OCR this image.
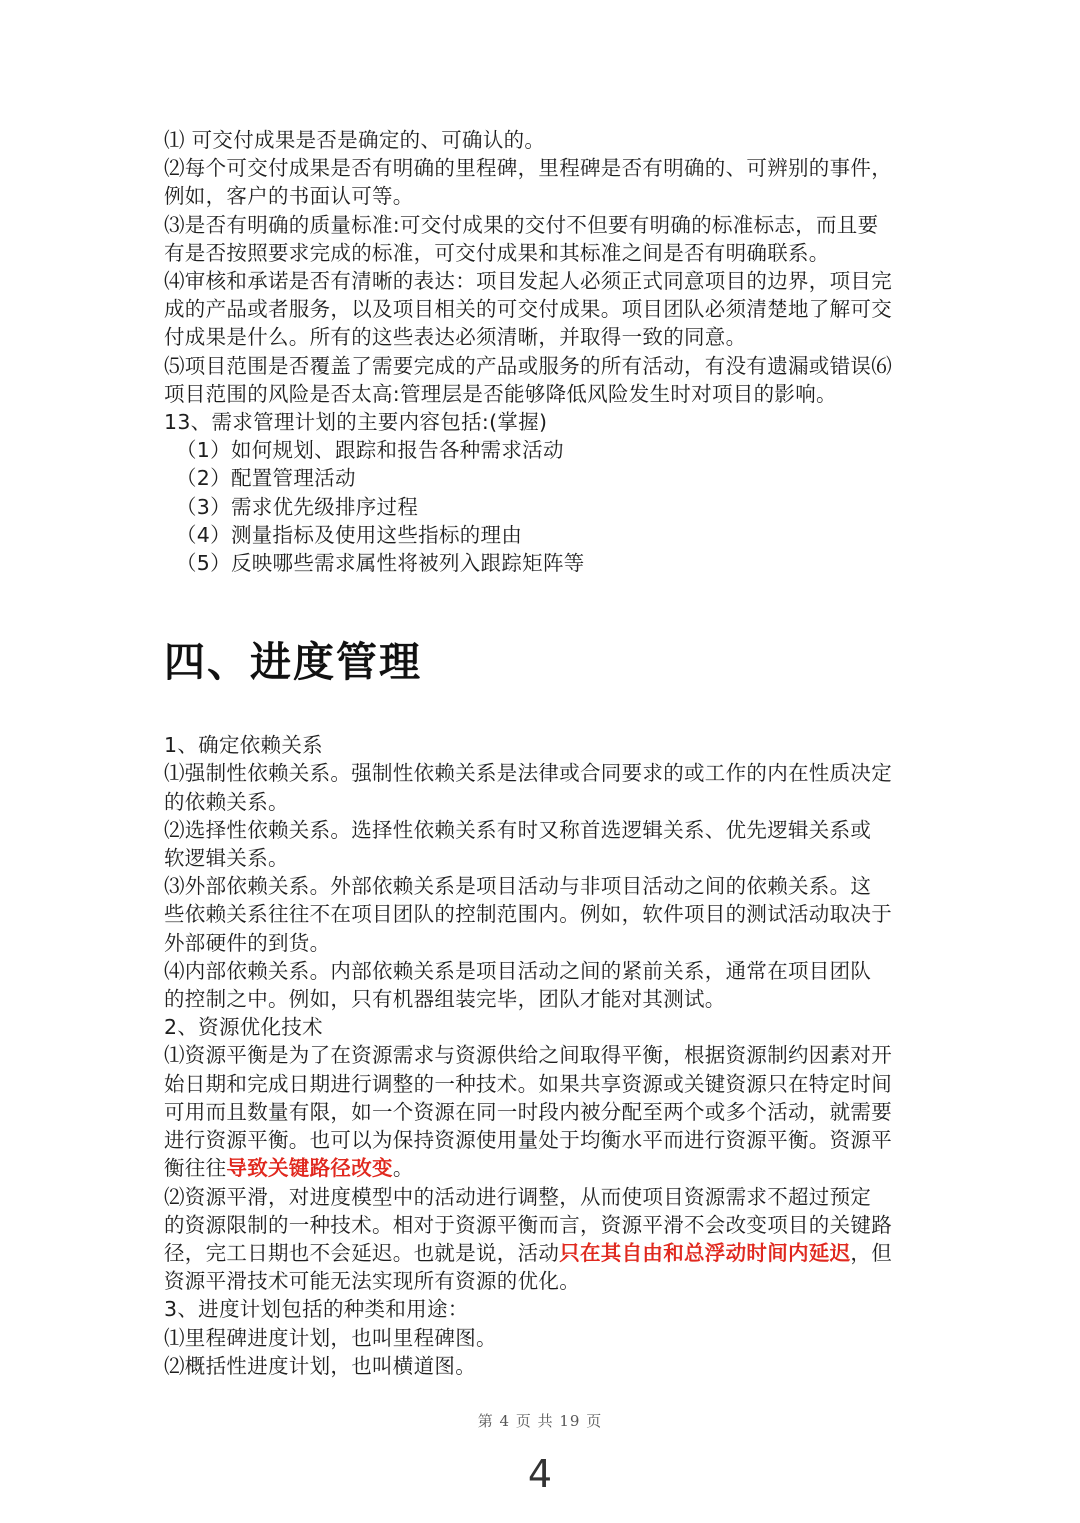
⑴ 可交付成果是否是确定的、可确认的。
⑵每个可交付成果是否有明确的里程碑，里程碑是否有明确的、可辨别的事件，
例如，客户的书面认可等。
⑶是否有明确的质量标准:可交付成果的交付不但要有明确的标准标志，而且要
有是否按照要求完成的标准，可交付成果和其标准之间是否有明确联系。
⑷审核和承诺是否有清晰的表达：项目发起人必须正式同意项目的边界，项目完
成的产品或者服务，以及项目相关的可交付成果。项目团队必须清楚地了解可交
付成果是什么。所有的这些表达必须清晰，并取得一致的同意。
⑸项目范围是否覆盖了需要完成的产品或服务的所有活动，有没有遗漏或错误⑹
项目范围的风险是否太高:管理层是否能够降低风险发生时对项目的影响。
13、需求管理计划的主要内容包括:(掌握)
（1）如何规划、跟踪和报告各种需求活动
（2）配置管理活动
（3）需求优先级排序过程
（4）测量指标及使用这些指标的理由
（5）反映哪些需求属性将被列入跟踪矩阵等
四、进度管理
1、确定依赖关系
⑴强制性依赖关系。强制性依赖关系是法律或合同要求的或工作的内在性质决定
的依赖关系。
⑵选择性依赖关系。选择性依赖关系有时又称首选逻辑关系、优先逻辑关系或
软逻辑关系。
⑶外部依赖关系。外部依赖关系是项目活动与非项目活动之间的依赖关系。这
些依赖关系往往不在项目团队的控制范围内。例如，软件项目的测试活动取决于
外部硬件的到货。
⑷内部依赖关系。内部依赖关系是项目活动之间的紧前关系，通常在项目团队
的控制之中。例如，只有机器组装完毕，团队才能对其测试。
2、资源优化技术
⑴资源平衡是为了在资源需求与资源供给之间取得平衡，根据资源制约因素对开
始日期和完成日期进行调整的一种技术。如果共享资源或关键资源只在特定时间
可用而且数量有限，如一个资源在同一时段内被分配至两个或多个活动，就需要
进行资源平衡。也可以为保持资源使用量处于均衡水平而进行资源平衡。资源平
衡往往导致关键路径改变。
⑵资源平滑，对进度模型中的活动进行调整，从而使项目资源需求不超过预定
的资源限制的一种技术。相对于资源平衡而言，资源平滑不会改变项目的关键路
径，完工日期也不会延迟。也就是说，活动只在其自由和总浮动时间内延迟，但
资源平滑技术可能无法实现所有资源的优化。
3、进度计划包括的种类和用途：
⑴里程碑进度计划，也叫里程碑图。
⑵概括性进度计划，也叫横道图。
第 4 页 共 19 页
4
